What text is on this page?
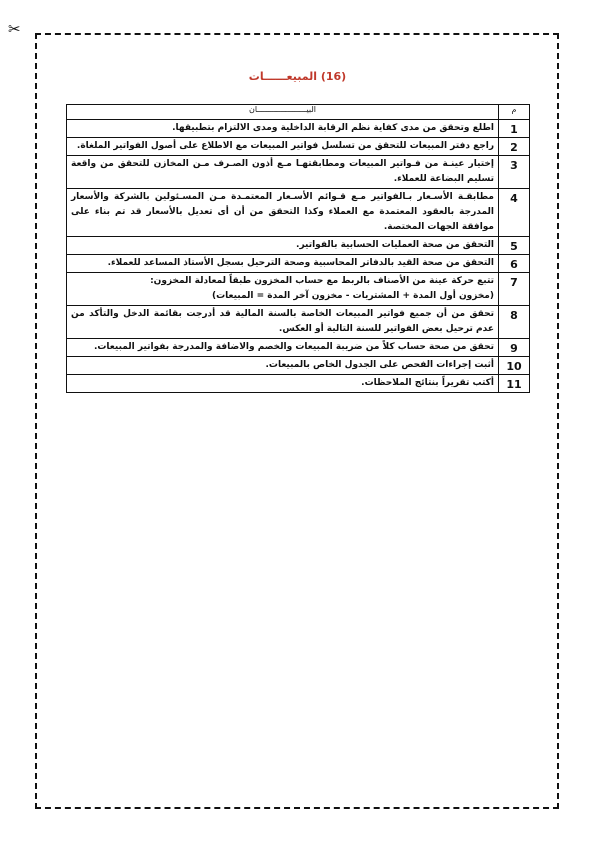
✂
(16) المبيعــــــات
م	البيـــــــــــــــــــــان
1	اطلع وتحقق من مدى كفاية نظم الرقابة الداخلية ومدى الالتزام بتطبيقها.
2	راجع دفتر المبيعات للتحقق من تسلسل فواتير المبيعات مع الاطلاع على أصول الفواتير الملغاة.
3	إختيار عينـة من فـواتير المبيعات ومطابقتهـا مـع أذون الصـرف مـن المخازن للتحقق من واقعة تسليم البضاعة للعملاء.
4	مطابقـة الأسـعار بـالفواتير مـع قـوائم الأسـعار المعتمـدة مـن المسـئولين بالشركة والأسعار المدرجة بالعقود المعتمدة مع العملاء وكذا التحقق من أن أى تعديل بالأسعار قد تم بناء على موافقة الجهات المختصة.
5	التحقق من صحة العمليات الحسابية بالفواتير.
6	التحقق من صحة القيد بالدفاتر المحاسبية وصحة الترحيل بسجل الأستاذ المساعد للعملاء.
7	تتبع حركة عينة من الأصناف بالربط مع حساب المخزون طبقاً لمعادلة المخزون:
(مخزون أول المدة + المشتريات - مخزون آخر المدة = المبيعات)
8	تحقق من أن جميع فواتير المبيعات الخاصة بالسنة المالية قد أدرجت بقائمة الدخل والتأكد من عدم ترحيل بعض الفواتير للسنة التالية أو العكس.
9	تحقق من صحة حساب كلاً من ضريبة المبيعات والخصم والاضافة والمدرجة بفواتير المبيعات.
10	أثبت إجراءات الفحص على الجدول الخاص بالمبيعات.
11	أكتب تقريراً بنتائج الملاحظات.
